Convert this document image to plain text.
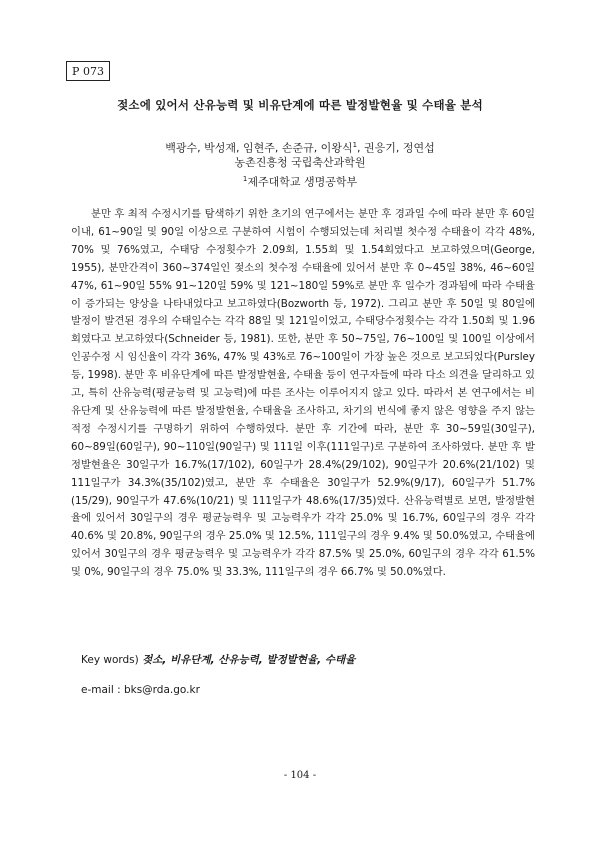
P 073
젖소에 있어서 산유능력 및 비유단계에 따른 발정발현율 및 수태율 분석
백광수, 박성재, 임현주, 손준규, 이왕식$^1$, 권응기, 정연섭
농촌진흥청 국립축산과학원
$^1$제주대학교 생명공학부

분만 후 최적 수정시기를 탐색하기 위한 초기의 연구에서는 분만 후 경과일 수에 따라 분만 후 60일 이내, 61~90일 및 90일 이상으로 구분하여 시험이 수행되었는데 처리별 첫수정 수태율이 각각 48%, 70% 및 76%였고, 수태당 수정횟수가 2.09회, 1.55회 및 1.54회였다고 보고하였으며(George, 1955), 분만간격이 360~374일인 젖소의 첫수정 수태율에 있어서 분만 후 0~45일 38%, 46~60일 47%, 61~90일 55% 91~120일 59% 및 121~180일 59%로 분만 후 일수가 경과됨에 따라 수태율이 증가되는 양상을 나타내었다고 보고하였다(Bozworth 등, 1972). 그리고 분만 후 50일 및 80일에 발정이 발견된 경우의 수태일수는 각각 88일 및 121일이었고, 수태당수정횟수는 각각 1.50회 및 1.96회였다고 보고하였다(Schneider 등, 1981). 또한, 분만 후 50~75일, 76~100일 및 100일 이상에서 인공수정 시 임신율이 각각 36%, 47% 및 43%로 76~100일이 가장 높은 것으로 보고되었다(Pursley 등, 1998). 분만 후 비유단계에 따른 발정발현율, 수태율 등이 연구자들에 따라 다소 의견을 달리하고 있고, 특히 산유능력(평균능력 및 고능력)에 따른 조사는 이루어지지 않고 있다. 따라서 본 연구에서는 비유단계 및 산유능력에 따른 발정발현율, 수태율을 조사하고, 차기의 번식에 좋지 않은 영향을 주지 않는 적정 수정시기를 구명하기 위하여 수행하였다. 분만 후 기간에 따라, 분만 후 30~59일(30일구), 60~89일(60일구), 90~110일(90일구) 및 111일 이후(111일구)로 구분하여 조사하였다. 분만 후 발정발현율은 30일구가 16.7%(17/102), 60일구가 28.4%(29/102), 90일구가 20.6%(21/102) 및 111일구가 34.3%(35/102)였고, 분만 후 수태율은 30일구가 52.9%(9/17), 60일구가 51.7%(15/29), 90일구가 47.6%(10/21) 및 111일구가 48.6%(17/35)였다. 산유능력별로 보면, 발정발현율에 있어서 30일구의 경우 평균능력우 및 고능력우가 각각 25.0% 및 16.7%, 60일구의 경우 각각 40.6% 및 20.8%, 90일구의 경우 25.0% 및 12.5%, 111일구의 경우 9.4% 및 50.0%였고, 수태율에 있어서 30일구의 경우 평균능력우 및 고능력우가 각각 87.5% 및 25.0%, 60일구의 경우 각각 61.5% 및 0%, 90일구의 경우 75.0% 및 33.3%, 111일구의 경우 66.7% 및 50.0%였다.

Key words) 젖소, 비유단계, 산유능력, 발정발현율, 수태율
e-mail : bks@rda.go.kr
- 104 -
